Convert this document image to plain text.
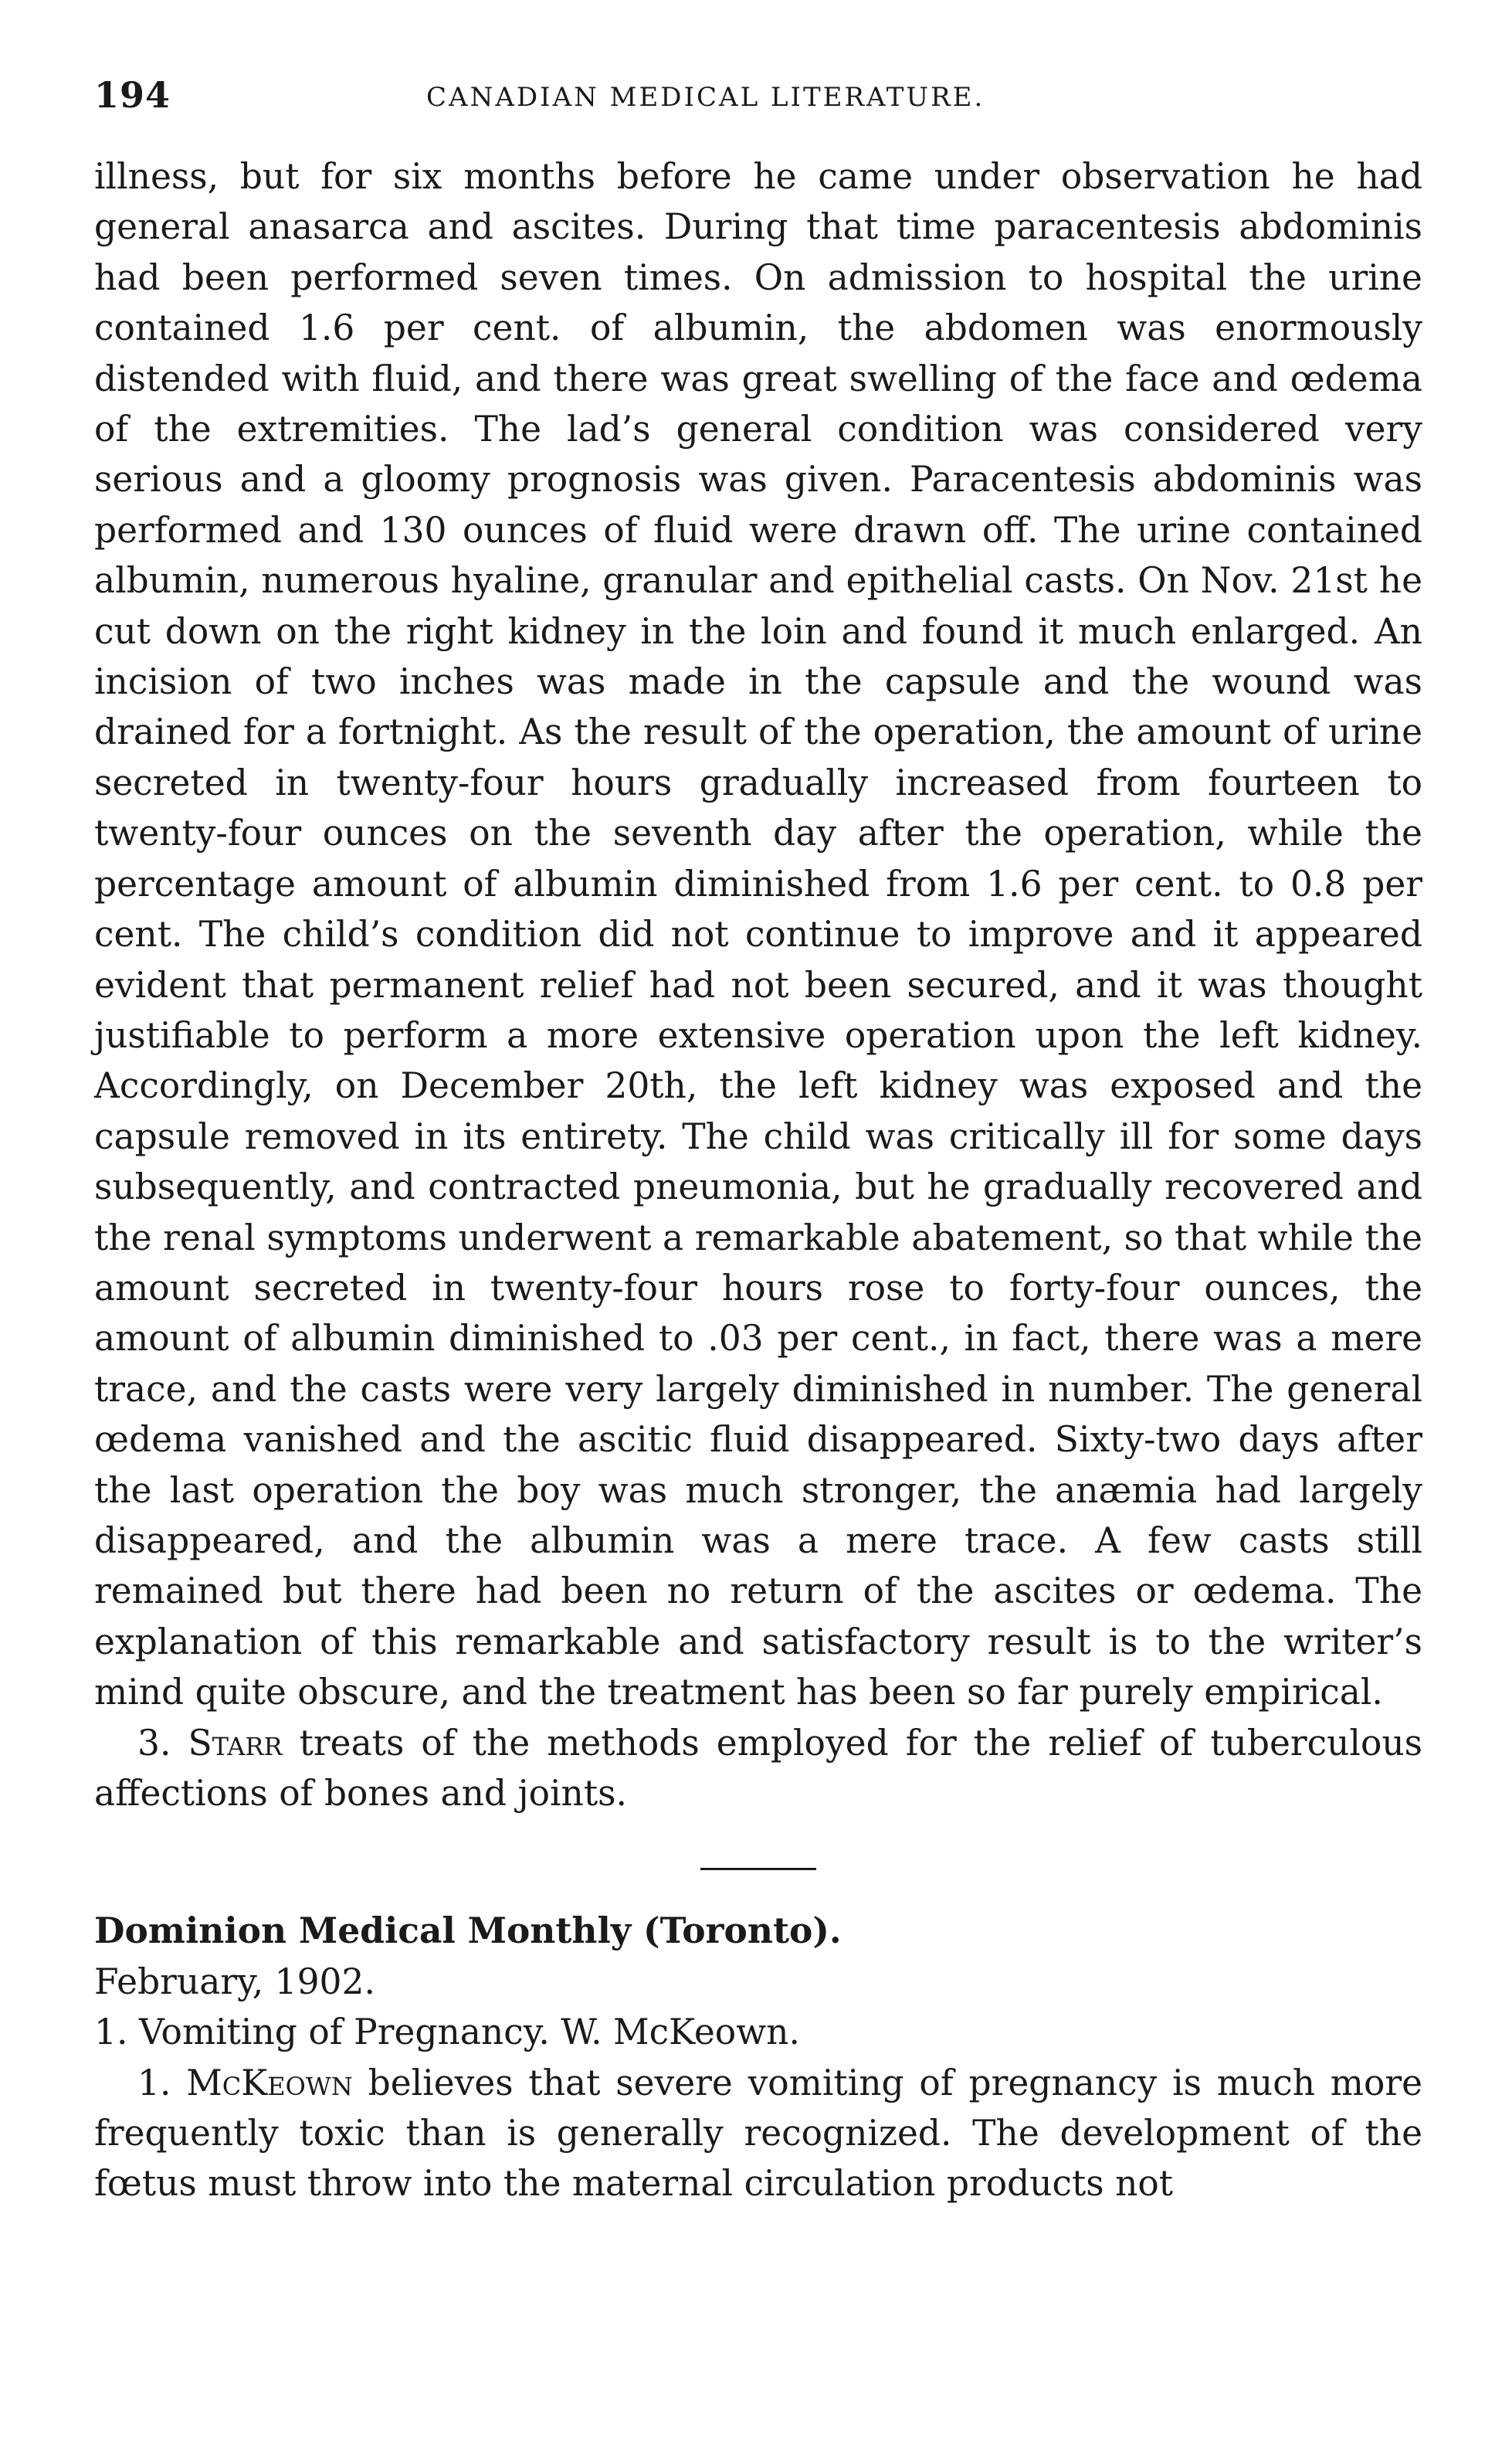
194	CANADIAN MEDICAL LITERATURE.

illness, but for six months before he came under observation he had general anasarca and ascites. During that time paracentesis abdominis had been performed seven times. On admission to hospital the urine contained 1.6 per cent. of albumin, the abdomen was enormously distended with fluid, and there was great swelling of the face and œdema of the extremities. The lad’s general condition was considered very serious and a gloomy prognosis was given. Paracentesis abdominis was performed and 130 ounces of fluid were drawn off. The urine contained albumin, numerous hyaline, granular and epithelial casts. On Nov. 21st he cut down on the right kidney in the loin and found it much enlarged. An incision of two inches was made in the capsule and the wound was drained for a fortnight. As the result of the operation, the amount of urine secreted in twenty-four hours gradually increased from fourteen to twenty-four ounces on the seventh day after the operation, while the percentage amount of albumin diminished from 1.6 per cent. to 0.8 per cent. The child’s condition did not continue to improve and it appeared evident that permanent relief had not been secured, and it was thought justifiable to perform a more extensive operation upon the left kidney. Accordingly, on December 20th, the left kidney was exposed and the capsule removed in its entirety. The child was critically ill for some days subsequently, and contracted pneumonia, but he gradually recovered and the renal symptoms underwent a remarkable abatement, so that while the amount secreted in twenty-four hours rose to forty-four ounces, the amount of albumin diminished to .03 per cent., in fact, there was a mere trace, and the casts were very largely diminished in number. The general œdema vanished and the ascitic fluid disappeared. Sixty-two days after the last operation the boy was much stronger, the anæmia had largely disappeared, and the albumin was a mere trace. A few casts still remained but there had been no return of the ascites or œdema. The explanation of this remarkable and satisfactory result is to the writer’s mind quite obscure, and the treatment has been so far purely empirical.

3. Starr treats of the methods employed for the relief of tuberculous affections of bones and joints.

Dominion Medical Monthly (Toronto).

February, 1902.

1. Vomiting of Pregnancy. W. McKeown.

1. McKeown believes that severe vomiting of pregnancy is much more frequently toxic than is generally recognized. The development of the fœtus must throw into the maternal circulation products not
